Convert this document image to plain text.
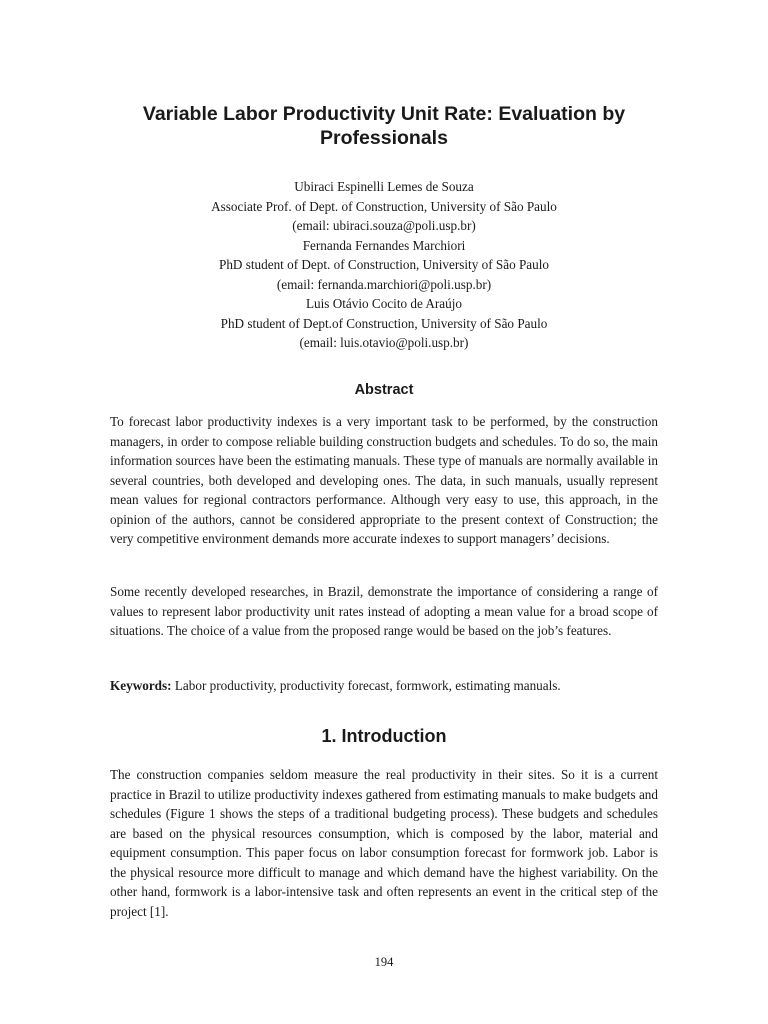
Variable Labor Productivity Unit Rate: Evaluation by Professionals
Ubiraci Espinelli Lemes de Souza
Associate Prof. of Dept. of Construction, University of São Paulo
(email: ubiraci.souza@poli.usp.br)
Fernanda Fernandes Marchiori
PhD student of Dept. of Construction, University of São Paulo
(email: fernanda.marchiori@poli.usp.br)
Luis Otávio Cocito de Araújo
PhD student of Dept.of Construction, University of São Paulo
(email: luis.otavio@poli.usp.br)
Abstract

To forecast labor productivity indexes is a very important task to be performed, by the construction managers, in order to compose reliable building construction budgets and schedules. To do so, the main information sources have been the estimating manuals. These type of manuals are normally available in several countries, both developed and developing ones. The data, in such manuals, usually represent mean values for regional contractors performance. Although very easy to use, this approach, in the opinion of the authors, cannot be considered appropriate to the present context of Construction; the very competitive environment demands more accurate indexes to support managers’ decisions.

Some recently developed researches, in Brazil, demonstrate the importance of considering a range of values to represent labor productivity unit rates instead of adopting a mean value for a broad scope of situations. The choice of a value from the proposed range would be based on the job’s features.

Keywords: Labor productivity, productivity forecast, formwork, estimating manuals.

1. Introduction

The construction companies seldom measure the real productivity in their sites. So it is a current practice in Brazil to utilize productivity indexes gathered from estimating manuals to make budgets and schedules (Figure 1 shows the steps of a traditional budgeting process). These budgets and schedules are based on the physical resources consumption, which is composed by the labor, material and equipment consumption. This paper focus on labor consumption forecast for formwork job. Labor is the physical resource more difficult to manage and which demand have the highest variability. On the other hand, formwork is a labor-intensive task and often represents an event in the critical step of the project [1].

194
